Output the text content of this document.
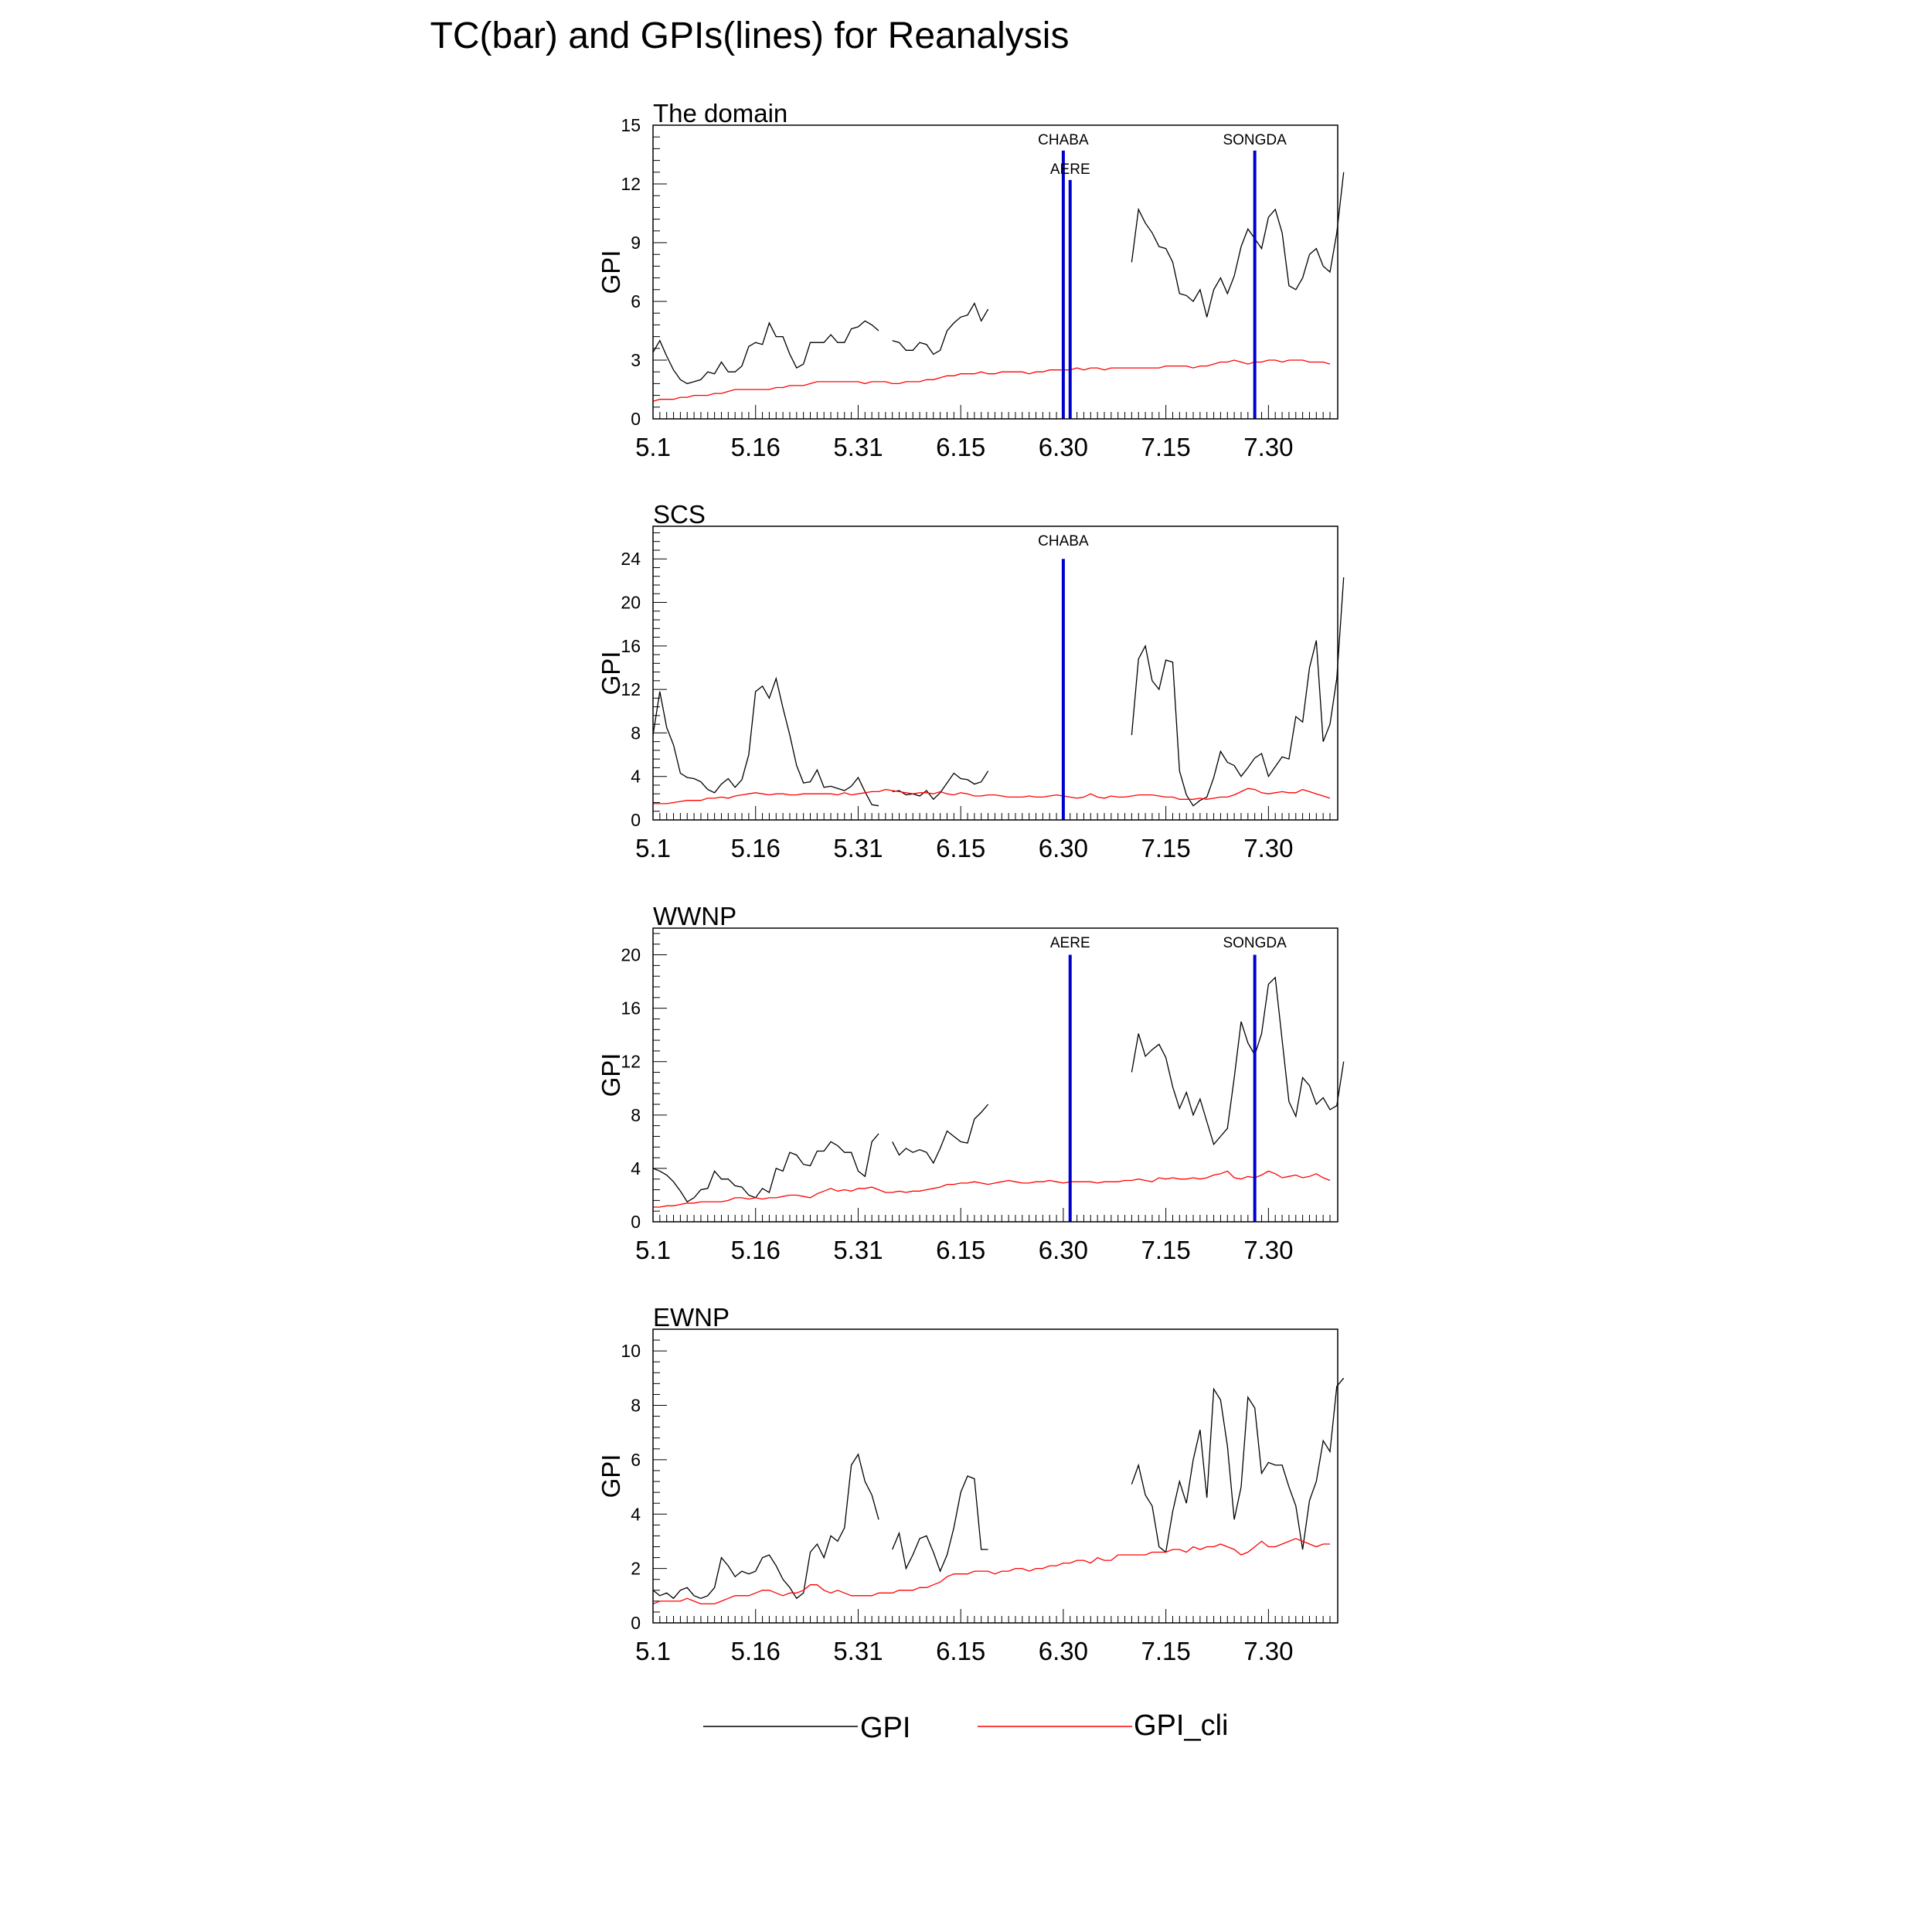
TC(bar) and GPIs(lines) for Reanalysis
The domain
GPI
5.1 5.16 5.31 6.15 6.30 7.15 7.30
0
3
6
9
12
15
CHABA
AERE
SONGDA
SCS
GPI
5.1 5.16 5.31 6.15 6.30 7.15 7.30
0
4
8
12
16
20
24
CHABA
WWNP
GPI
5.1 5.16 5.31 6.15 6.30 7.15 7.30
0
4
8
12
16
20
AERE	SONGDA
EWNP
GPI
5.1 5.16 5.31 6.15 6.30 7.15 7.30
0
2
4
6
8
10
GPI	GPI_cli
